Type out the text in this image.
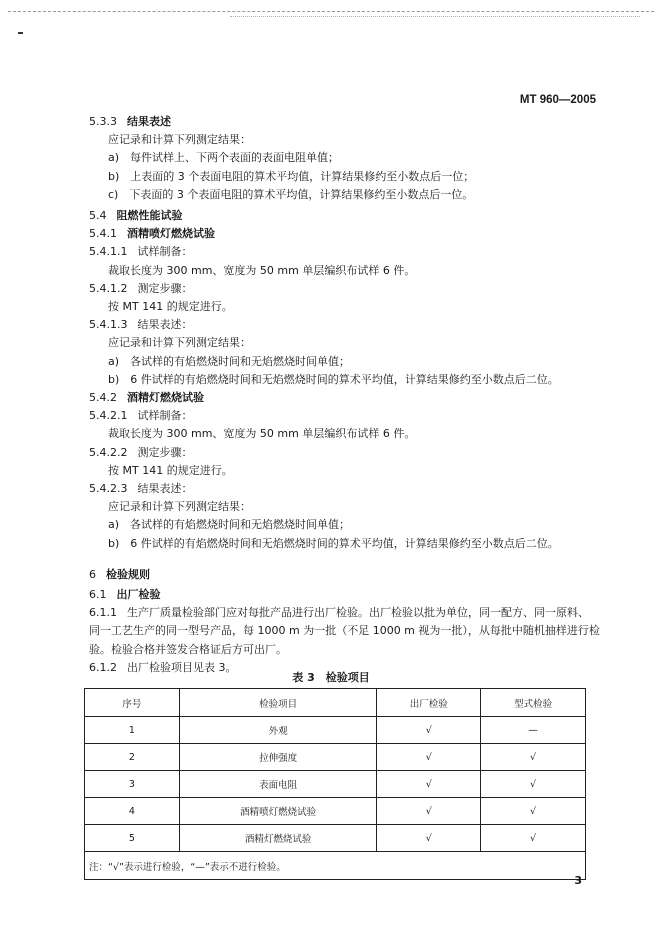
MT 960—2005
5.3.3 结果表述
应记录和计算下列测定结果：
a)　每件试样上、下两个表面的表面电阻单值；
b)　上表面的 3 个表面电阻的算术平均值，计算结果修约至小数点后一位；
c)　下表面的 3 个表面电阻的算术平均值，计算结果修约至小数点后一位。
5.4 阻燃性能试验
5.4.1 酒精喷灯燃烧试验
5.4.1.1 试样制备：
裁取长度为 300 mm、宽度为 50 mm 单层编织布试样 6 件。
5.4.1.2 测定步骤：
按 MT 141 的规定进行。
5.4.1.3 结果表述：
应记录和计算下列测定结果：
a)　各试样的有焰燃烧时间和无焰燃烧时间单值；
b)　6 件试样的有焰燃烧时间和无焰燃烧时间的算术平均值，计算结果修约至小数点后二位。
5.4.2 酒精灯燃烧试验
5.4.2.1 试样制备：
裁取长度为 300 mm、宽度为 50 mm 单层编织布试样 6 件。
5.4.2.2 测定步骤：
按 MT 141 的规定进行。
5.4.2.3 结果表述：
应记录和计算下列测定结果：
a)　各试样的有焰燃烧时间和无焰燃烧时间单值；
b)　6 件试样的有焰燃烧时间和无焰燃烧时间的算术平均值，计算结果修约至小数点后二位。
6 检验规则
6.1 出厂检验
6.1.1 生产厂质量检验部门应对每批产品进行出厂检验。出厂检验以批为单位，同一配方、同一原料、
同一工艺生产的同一型号产品，每 1000 m 为一批（不足 1000 m 视为一批），从每批中随机抽样进行检
验。检验合格并签发合格证后方可出厂。
6.1.2 出厂检验项目见表 3。
表 3　检验项目
序号	检验项目	出厂检验	型式检验
1	外观	√	—
2	拉伸强度	√	√
3	表面电阻	√	√
4	酒精喷灯燃烧试验	√	√
5	酒精灯燃烧试验	√	√
注：“√”表示进行检验，“—”表示不进行检验。			
3
